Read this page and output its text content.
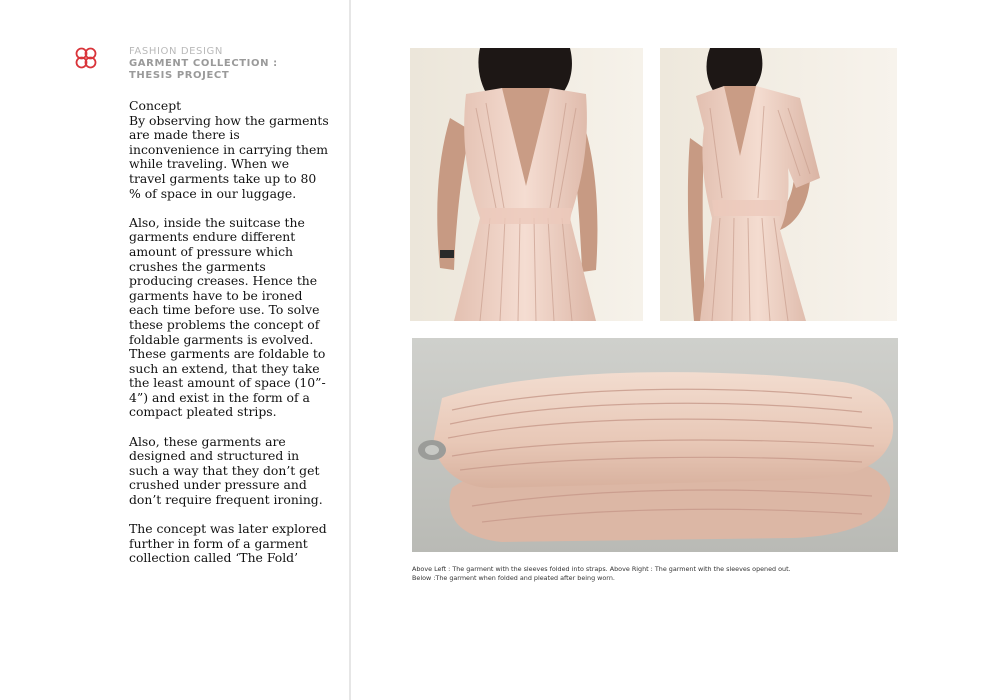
FASHION DESIGN
GARMENT COLLECTION :
THESIS PROJECT

Concept

By observing how the garments are made there is inconvenience in carrying them while traveling. When we travel garments take up to 80 % of space in our luggage.

Also, inside the suitcase the garments endure different amount of pressure which crushes the garments producing creases. Hence the garments have to be ironed each time before use. To solve these problems the concept of foldable garments is evolved. These garments are foldable to such an extend, that they take the least amount of space (10”- 4”) and exist in the form of a compact pleated strips.

Also, these garments are designed and structured in such a way that they don’t get crushed under pressure and don’t require frequent ironing.

The concept was later explored further in form of a garment collection called ‘The Fold’

Above Left : The garment with the sleeves folded into straps. Above Right : The garment with the sleeves opened out.
Below :The garment when folded and pleated after being worn.
